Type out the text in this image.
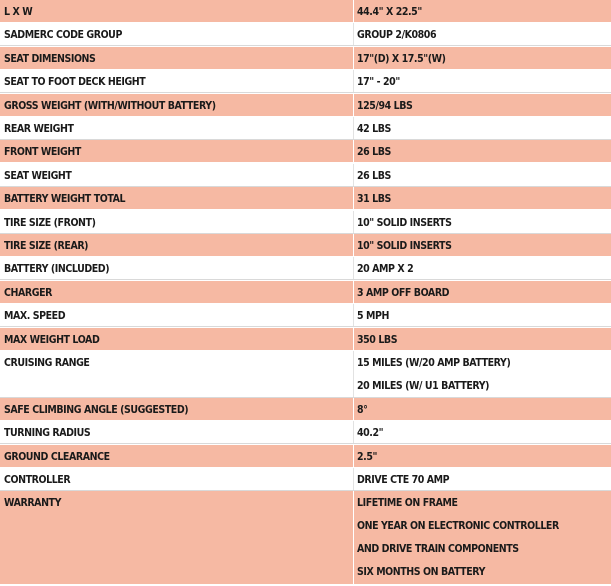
L X W	44.4" X 22.5"
SADMERC CODE GROUP	GROUP 2/K0806
SEAT DIMENSIONS	17"(D) X 17.5"(W)
SEAT TO FOOT DECK HEIGHT	17" - 20"
GROSS WEIGHT (WITH/WITHOUT BATTERY)	125/94 LBS
REAR WEIGHT	42 LBS
FRONT WEIGHT	26 LBS
SEAT WEIGHT	26 LBS
BATTERY WEIGHT TOTAL	31 LBS
TIRE SIZE (FRONT)	10" SOLID INSERTS
TIRE SIZE (REAR)	10" SOLID INSERTS
BATTERY (INCLUDED)	20 AMP X 2
CHARGER	3 AMP OFF BOARD
MAX. SPEED	5 MPH
MAX WEIGHT LOAD	350 LBS
CRUISING RANGE	15 MILES (W/20 AMP BATTERY)
20 MILES (W/ U1 BATTERY)
SAFE CLIMBING ANGLE (SUGGESTED)	8°
TURNING RADIUS	40.2"
GROUND CLEARANCE	2.5"
CONTROLLER	DRIVE CTE 70 AMP
WARRANTY	LIFETIME ON FRAME
ONE YEAR ON ELECTRONIC CONTROLLER
AND DRIVE TRAIN COMPONENTS
SIX MONTHS ON BATTERY
